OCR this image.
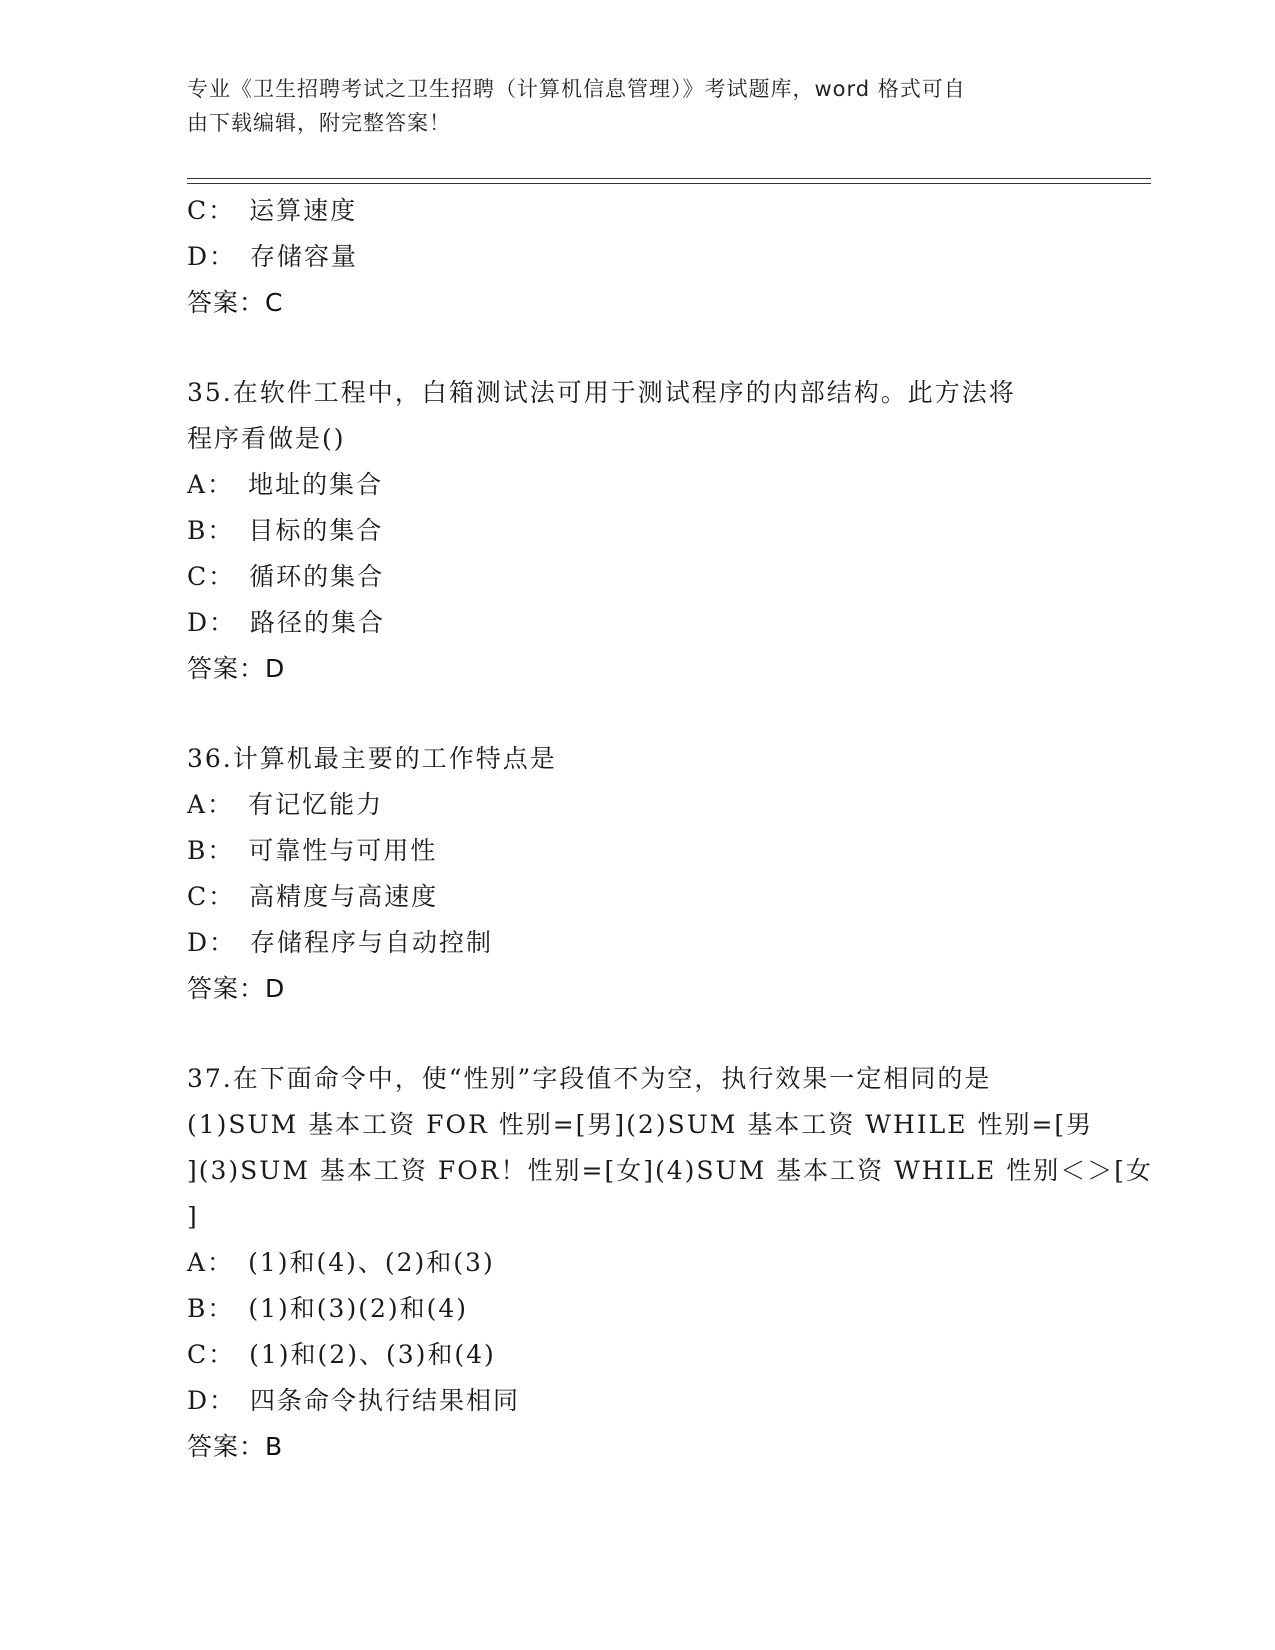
专业《卫生招聘考试之卫生招聘（计算机信息管理）》考试题库，word 格式可自
由下载编辑，附完整答案！
C： 运算速度
D： 存储容量
答案：C
35.在软件工程中，白箱测试法可用于测试程序的内部结构。此方法将
程序看做是()
A： 地址的集合
B： 目标的集合
C： 循环的集合
D： 路径的集合
答案：D
36.计算机最主要的工作特点是
A： 有记忆能力
B： 可靠性与可用性
C： 高精度与高速度
D： 存储程序与自动控制
答案：D
37.在下面命令中，使“性别”字段值不为空，执行效果一定相同的是
(1)SUM 基本工资 FOR 性别=[男](2)SUM 基本工资 WHILE 性别=[男
](3)SUM 基本工资 FOR！性别=[女](4)SUM 基本工资 WHILE 性别＜＞[女
]
A： (1)和(4)、(2)和(3)
B： (1)和(3)(2)和(4)
C： (1)和(2)、(3)和(4)
D： 四条命令执行结果相同
答案：B
